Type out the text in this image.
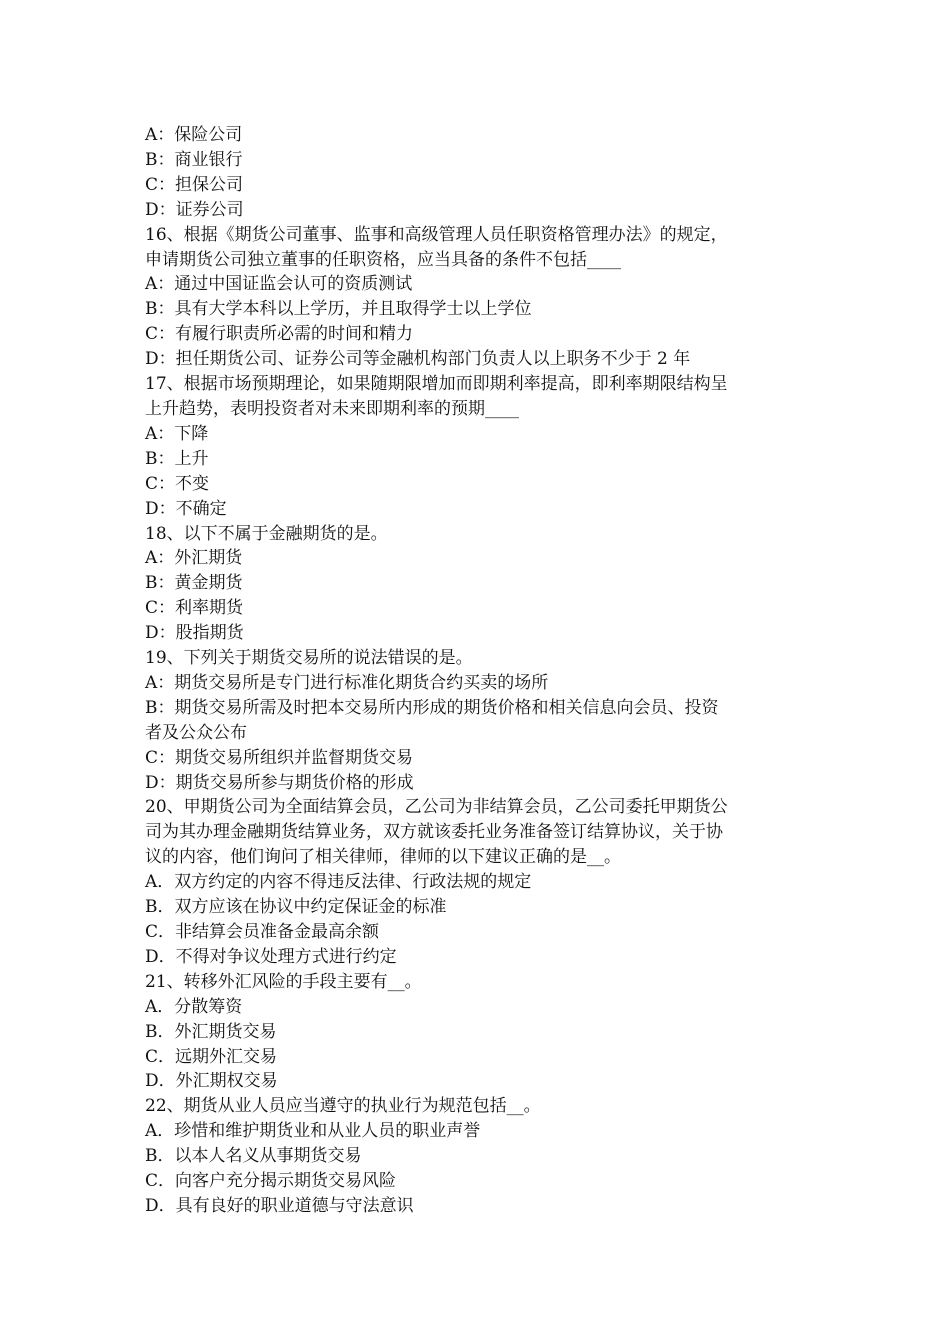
A：保险公司

B：商业银行

C：担保公司

D：证券公司

16、根据《期货公司董事、监事和高级管理人员任职资格管理办法》的规定，

申请期货公司独立董事的任职资格，应当具备的条件不包括____

A：通过中国证监会认可的资质测试

B：具有大学本科以上学历，并且取得学士以上学位

C：有履行职责所必需的时间和精力

D：担任期货公司、证券公司等金融机构部门负责人以上职务不少于 2 年

17、根据市场预期理论，如果随期限增加而即期利率提高，即利率期限结构呈

上升趋势，表明投资者对未来即期利率的预期____

A：下降

B：上升

C：不变

D：不确定

18、以下不属于金融期货的是。

A：外汇期货

B：黄金期货

C：利率期货

D：股指期货

19、下列关于期货交易所的说法错误的是。

A：期货交易所是专门进行标准化期货合约买卖的场所

B：期货交易所需及时把本交易所内形成的期货价格和相关信息向会员、投资

者及公众公布

C：期货交易所组织并监督期货交易

D：期货交易所参与期货价格的形成

20、甲期货公司为全面结算会员，乙公司为非结算会员，乙公司委托甲期货公

司为其办理金融期货结算业务，双方就该委托业务准备签订结算协议，关于协

议的内容，他们询问了相关律师，律师的以下建议正确的是__。

A．双方约定的内容不得违反法律、行政法规的规定

B．双方应该在协议中约定保证金的标准

C．非结算会员准备金最高余额

D．不得对争议处理方式进行约定

21、转移外汇风险的手段主要有__。

A．分散筹资

B．外汇期货交易

C．远期外汇交易

D．外汇期权交易

22、期货从业人员应当遵守的执业行为规范包括__。

A．珍惜和维护期货业和从业人员的职业声誉

B．以本人名义从事期货交易

C．向客户充分揭示期货交易风险

D．具有良好的职业道德与守法意识
